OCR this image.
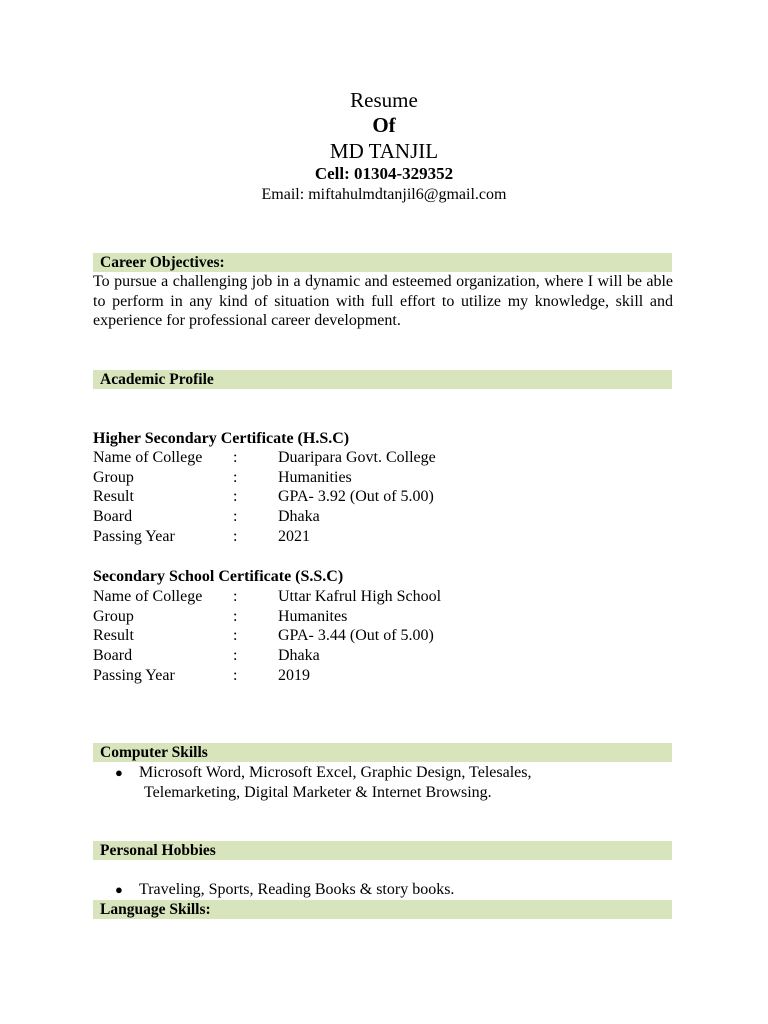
Resume
Of
MD TANJIL
Cell: 01304-329352
Email: miftahulmdtanjil6@gmail.com
Career Objectives:
To pursue a challenging job in a dynamic and esteemed organization, where I will be able to perform in any kind of situation with full effort to utilize my knowledge, skill and experience for professional career development.
Academic Profile
Higher Secondary Certificate (H.S.C)
Name of College :	Duaripara Govt. College
Group	:	Humanities
Result	:	GPA- 3.92 (Out of 5.00)
Board	:	Dhaka
Passing Year	:	2021
Secondary School Certificate (S.S.C)
Name of College :	Uttar Kafrul High School
Group	:	Humanites
Result	:	GPA- 3.44 (Out of 5.00)
Board	:	Dhaka
Passing Year	:	2019
Computer Skills
● Microsoft Word, Microsoft Excel, Graphic Design, Telesales,
Telemarketing, Digital Marketer & Internet Browsing.
Personal Hobbies
● Traveling, Sports, Reading Books & story books.
Language Skills:
